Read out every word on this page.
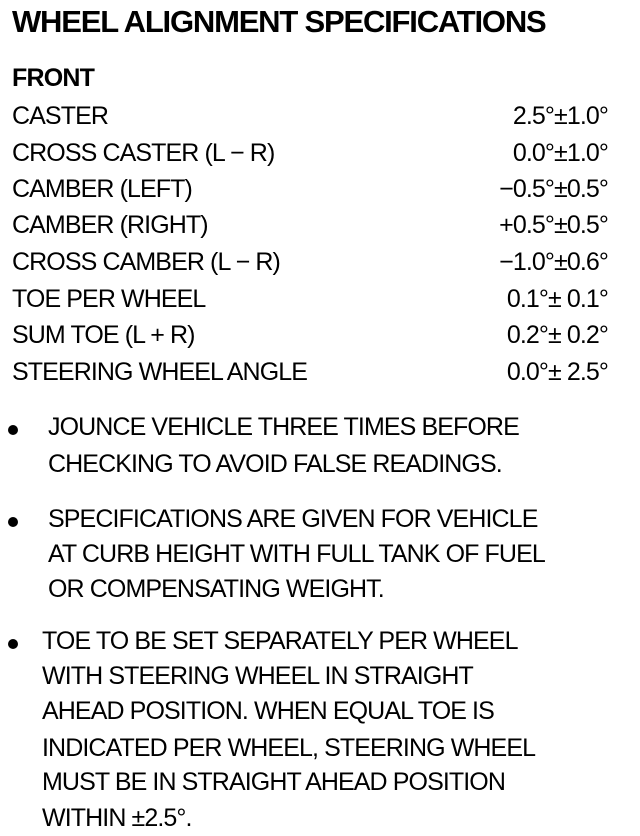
WHEEL ALIGNMENT SPECIFICATIONS
FRONT
CASTER	2.5°±1.0°
CROSS CASTER (L − R)	0.0°±1.0°
CAMBER (LEFT)	−0.5°±0.5°
CAMBER (RIGHT)	+0.5°±0.5°
CROSS CAMBER (L − R)	−1.0°±0.6°
TOE PER WHEEL	0.1°± 0.1°
SUM TOE (L + R)	0.2°± 0.2°
STEERING WHEEL ANGLE	0.0°± 2.5°
JOUNCE VEHICLE THREE TIMES BEFORE
CHECKING TO AVOID FALSE READINGS.
SPECIFICATIONS ARE GIVEN FOR VEHICLE
AT CURB HEIGHT WITH FULL TANK OF FUEL
OR COMPENSATING WEIGHT.
TOE TO BE SET SEPARATELY PER WHEEL
WITH STEERING WHEEL IN STRAIGHT
AHEAD POSITION. WHEN EQUAL TOE IS
INDICATED PER WHEEL, STEERING WHEEL
MUST BE IN STRAIGHT AHEAD POSITION
WITHIN ±2.5°.
